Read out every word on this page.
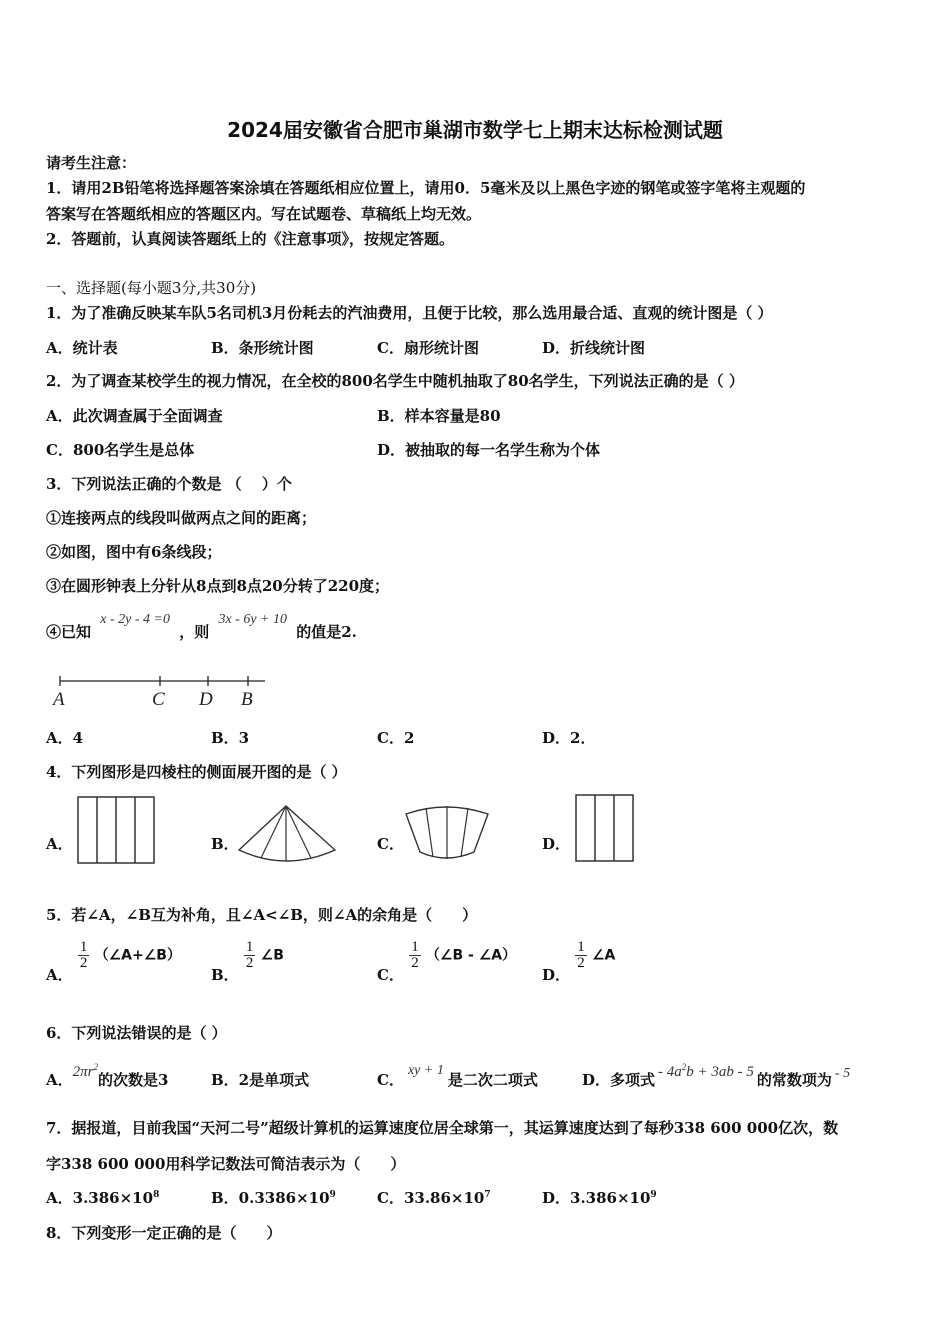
2024届安徽省合肥市巢湖市数学七上期末达标检测试题
请考生注意：
1．请用2B铅笔将选择题答案涂填在答题纸相应位置上，请用0．5毫米及以上黑色字迹的钢笔或签字笔将主观题的
答案写在答题纸相应的答题区内。写在试题卷、草稿纸上均无效。
2．答题前，认真阅读答题纸上的《注意事项》，按规定答题。
一、选择题(每小题3分,共30分)
1．为了准确反映某车队5名司机3月份耗去的汽油费用，且便于比较，那么选用最合适、直观的统计图是（ ）
A．统计表	B．条形统计图	C．扇形统计图	D．折线统计图
2．为了调查某校学生的视力情况，在全校的800名学生中随机抽取了80名学生，下列说法正确的是（ ）
A．此次调查属于全面调查	B．样本容量是80
C．800名学生是总体	D．被抽取的每一名学生称为个体
3．下列说法正确的个数是 （　 ）个
①连接两点的线段叫做两点之间的距离；
②如图，图中有6条线段；
③在圆形钟表上分针从8点到8点20分转了220度；
④已知 x - 2y - 4 =0 ，则 3x - 6y + 10 的值是2.
A	C D B
A．4	B．3	C．2	D．2．
4．下列图形是四棱柱的侧面展开图的是（ ）
A．	B．	C．	D．
5．若∠A，∠B互为补角，且∠A<∠B，则∠A的余角是（　　）
A．
$\frac{1}{2}$ （∠A+∠B）
B．
$\frac{1}{2}$ ∠B
C．
$\frac{1}{2}$ （∠B - ∠A）
D．
$\frac{1}{2}$ ∠A
6．下列说法错误的是（ ）
A．$2\pi r^2$的次数是3	B．2是单项式	C．xy + 1是二次二项式	D．多项式 - $4a^2b + 3ab - 5$ 的常数项为 - 5
7．据报道，目前我国“天河二号”超级计算机的运算速度位居全球第一，其运算速度达到了每秒338 600 000亿次，数
字338 600 000用科学记数法可简洁表示为（　　）
A．$3.386\times 10^8$	B．$0.3386\times 10^9$	C．$33.86\times 10^7$	D．$3.386\times 10^9$
8．下列变形一定正确的是（　　）
